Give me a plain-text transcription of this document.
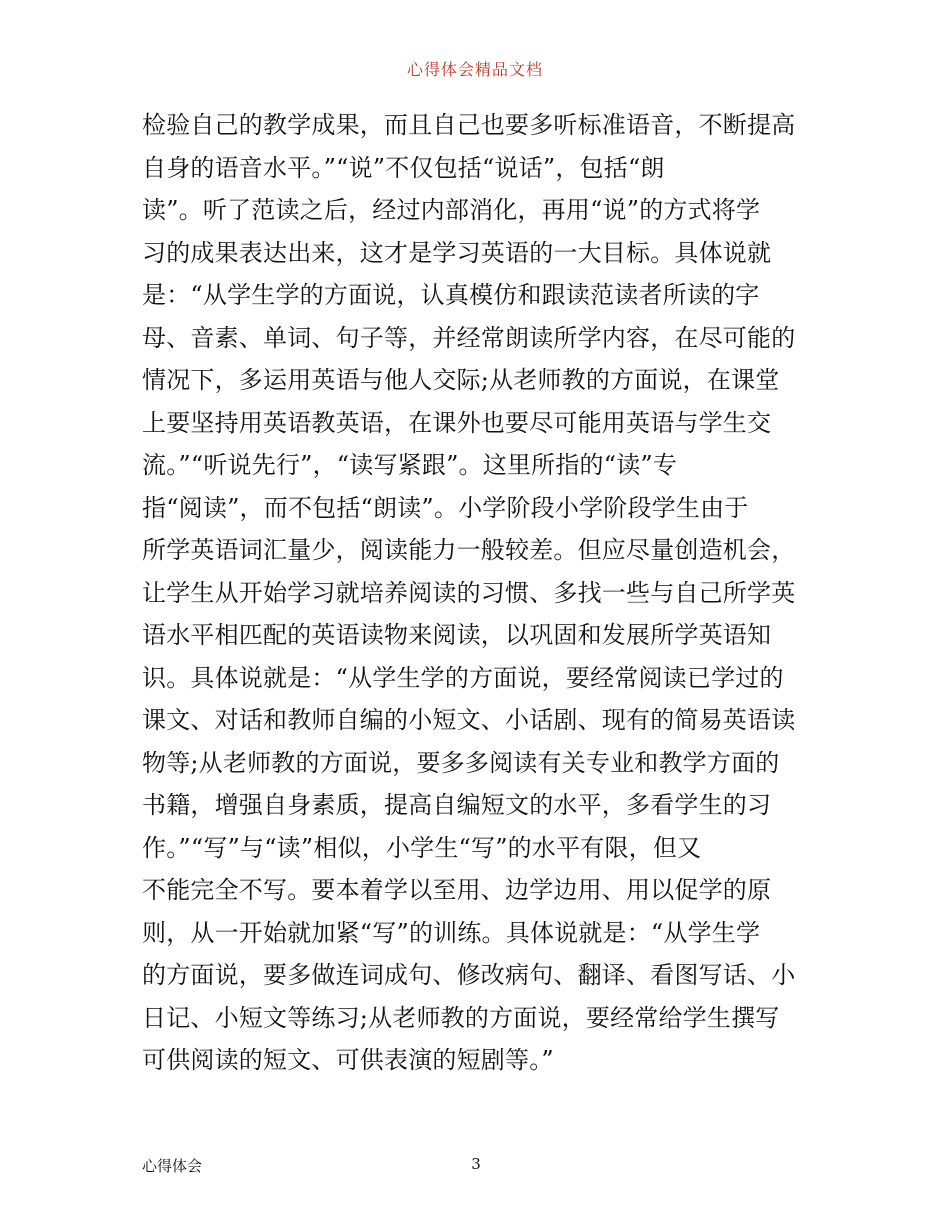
心得体会精品文档
检验自己的教学成果，而且自己也要多听标准语音，不断提高
自身的语音水平。”“说”不仅包括“说话”，包括“朗
读”。听了范读之后，经过内部消化，再用“说”的方式将学
习的成果表达出来，这才是学习英语的一大目标。具体说就
是：“从学生学的方面说，认真模仿和跟读范读者所读的字
母、音素、单词、句子等，并经常朗读所学内容，在尽可能的
情况下，多运用英语与他人交际;从老师教的方面说，在课堂
上要坚持用英语教英语，在课外也要尽可能用英语与学生交
流。”“听说先行”，“读写紧跟”。这里所指的“读”专
指“阅读”，而不包括“朗读”。小学阶段小学阶段学生由于
所学英语词汇量少，阅读能力一般较差。但应尽量创造机会，
让学生从开始学习就培养阅读的习惯、多找一些与自己所学英
语水平相匹配的英语读物来阅读，以巩固和发展所学英语知
识。具体说就是：“从学生学的方面说，要经常阅读已学过的
课文、对话和教师自编的小短文、小话剧、现有的简易英语读
物等;从老师教的方面说，要多多阅读有关专业和教学方面的
书籍，增强自身素质，提高自编短文的水平，多看学生的习
作。”“写”与“读”相似，小学生“写”的水平有限，但又
不能完全不写。要本着学以至用、边学边用、用以促学的原
则，从一开始就加紧“写”的训练。具体说就是：“从学生学
的方面说，要多做连词成句、修改病句、翻译、看图写话、小
日记、小短文等练习;从老师教的方面说，要经常给学生撰写
可供阅读的短文、可供表演的短剧等。”
心得体会	3
